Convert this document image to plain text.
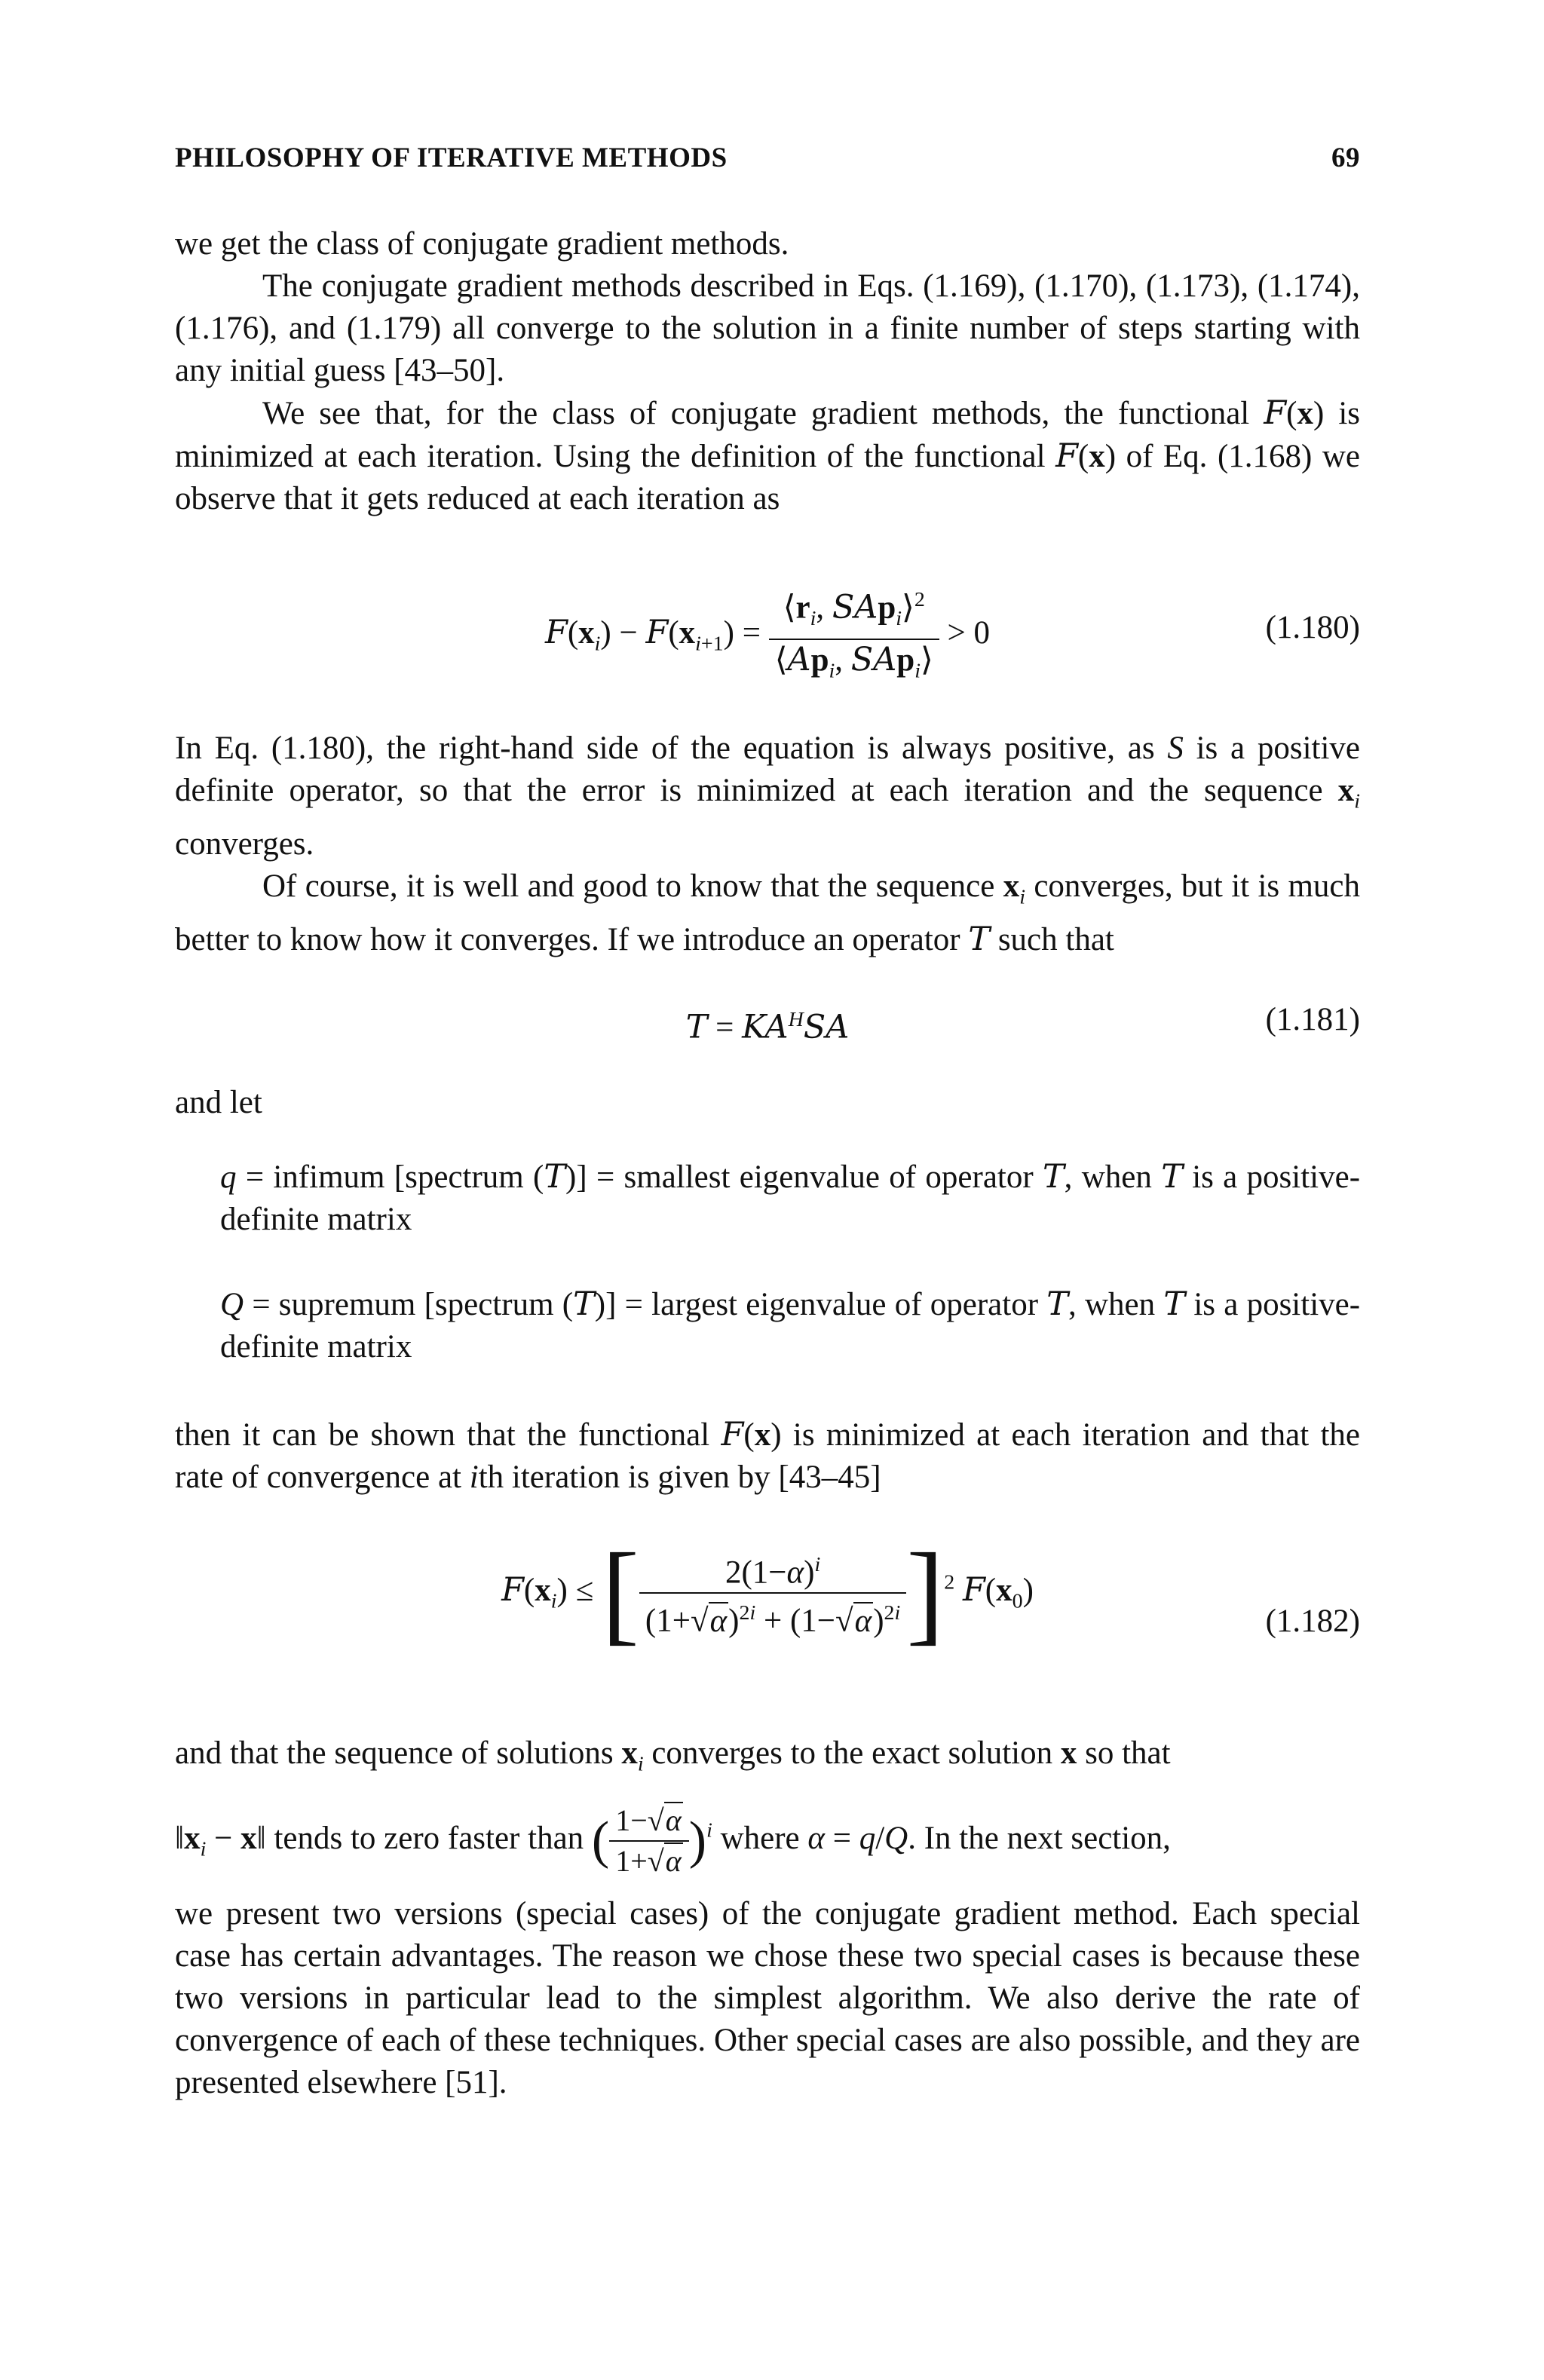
PHILOSOPHY OF ITERATIVE METHODS	69

we get the class of conjugate gradient methods.

The conjugate gradient methods described in Eqs. (1.169), (1.170), (1.173), (1.174), (1.176), and (1.179) all converge to the solution in a finite number of steps starting with any initial guess [43–50].

We see that, for the class of conjugate gradient methods, the functional F(x) is minimized at each iteration. Using the definition of the functional F(x) of Eq. (1.168) we observe that it gets reduced at each iteration as

$F(x_i) - F(x_{i+1}) = \frac{⟨r_i, SAp_i⟩^2}{⟨Ap_i, SAp_i⟩} > 0$	(1.180)

In Eq. (1.180), the right-hand side of the equation is always positive, as S is a positive definite operator, so that the error is minimized at each iteration and the sequence $x_i$ converges.

Of course, it is well and good to know that the sequence $x_i$ converges, but it is much better to know how it converges. If we introduce an operator T such that

$T = KA^HSA$	(1.181)

and let

q = infimum [spectrum (T)] = smallest eigenvalue of operator T, when T is a positive-definite matrix

Q = supremum [spectrum (T)] = largest eigenvalue of operator T, when T is a positive-definite matrix

then it can be shown that the functional F(x) is minimized at each iteration and that the rate of convergence at ith iteration is given by [43–45]

$F(x_i)$ ≤ [ $\frac{2(1-\alpha)^i}{(1+√\alpha)^{2i} + (1-√\alpha)^{2i}} ]^2$ $F(x_0)$
(1.182)

and that the sequence of solutions $x_i$ converges to the exact solution x so that

$‖x_i$ − x‖ tends to zero faster than ( $\frac{1-√\alpha}{1+√\alpha} )^i$ where α = q/Q. In the next section,

we present two versions (special cases) of the conjugate gradient method. Each special case has certain advantages. The reason we chose these two special cases is because these two versions in particular lead to the simplest algorithm. We also derive the rate of convergence of each of these techniques. Other special cases are also possible, and they are presented elsewhere [51].
